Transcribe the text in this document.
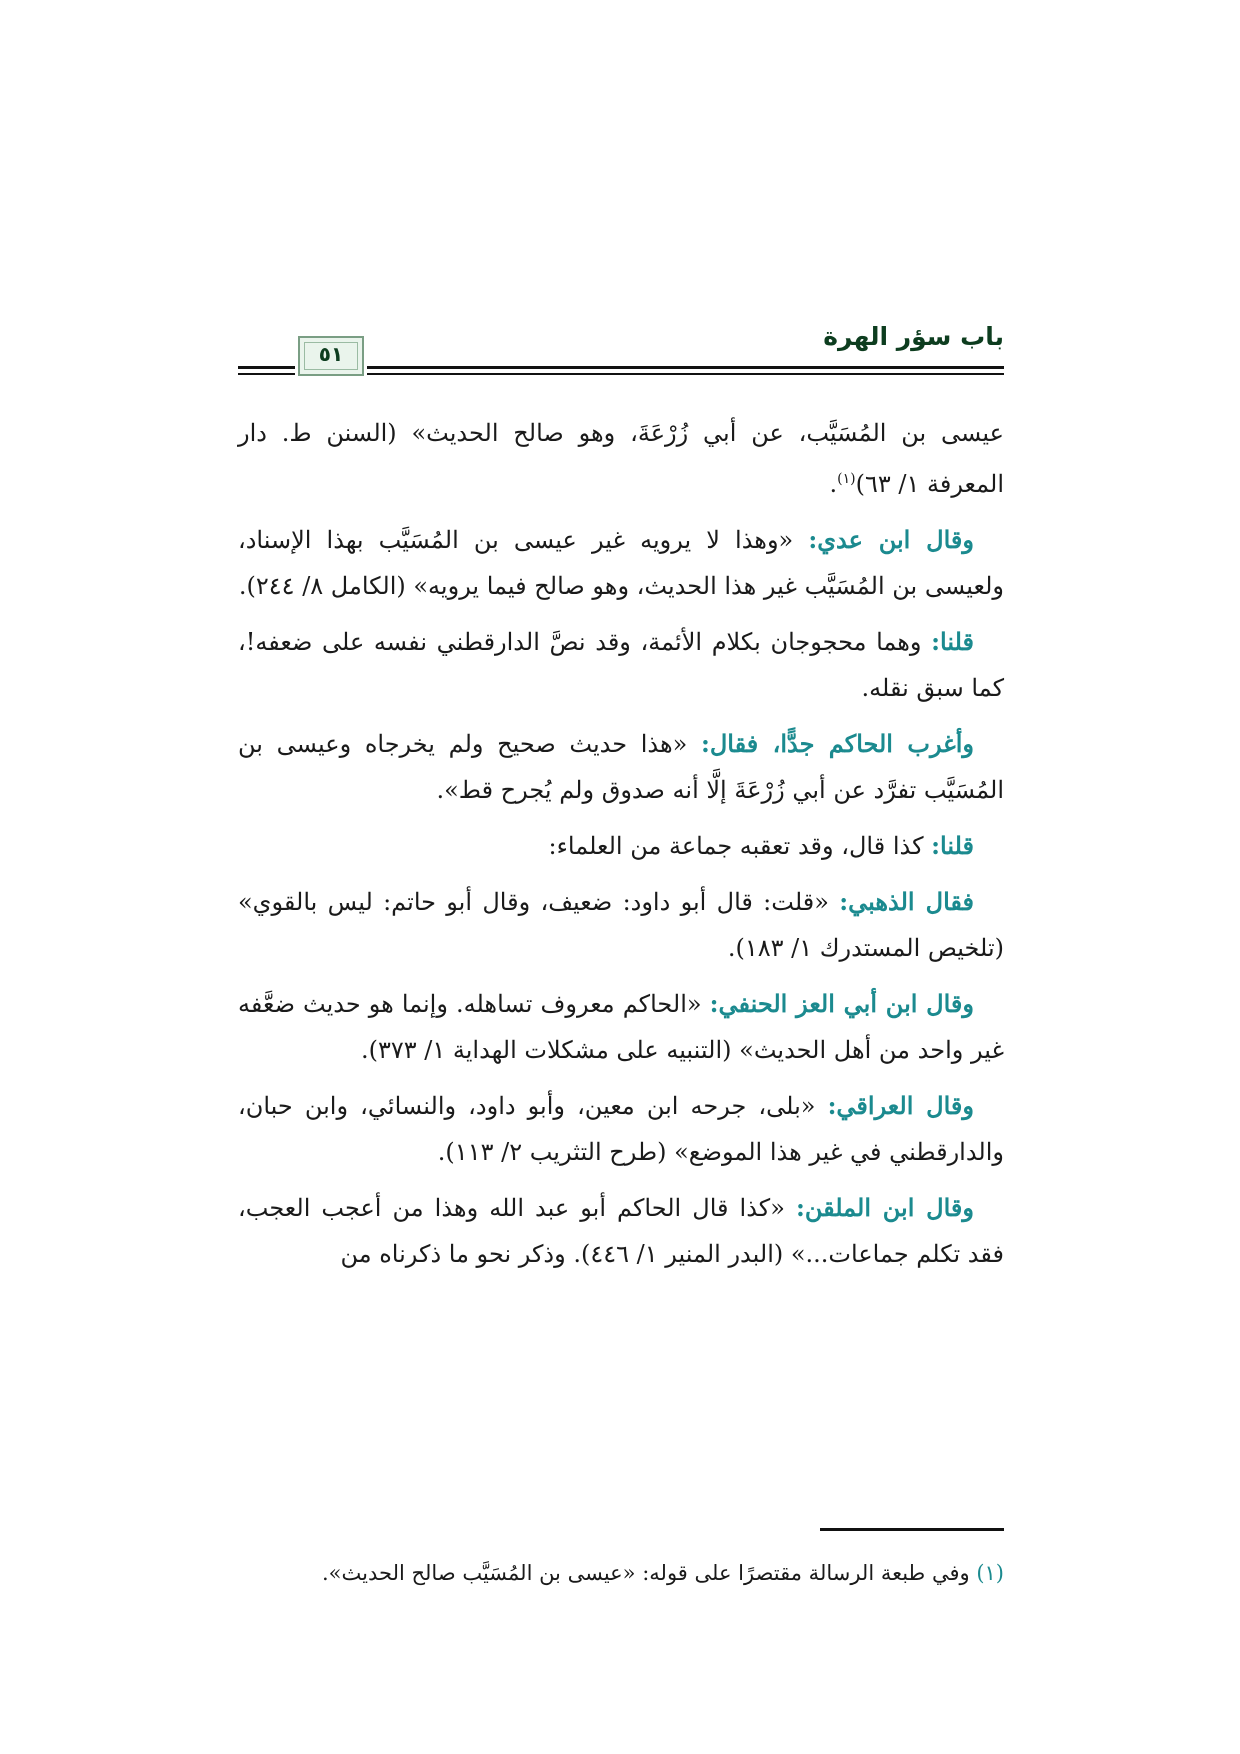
باب سؤر الهرة
٥١

عيسى بن المُسَيَّب، عن أبي زُرْعَةَ، وهو صالح الحديث» (السنن ط. دار المعرفة ١/ ٦٣)$^{(١)}$.

وقال ابن عدي: «وهذا لا يرويه غير عيسى بن المُسَيَّب بهذا الإسناد، ولعيسى بن المُسَيَّب غير هذا الحديث، وهو صالح فيما يرويه» (الكامل ٨/ ٢٤٤).

قلنا: وهما محجوجان بكلام الأئمة، وقد نصَّ الدارقطني نفسه على ضعفه!، كما سبق نقله.

وأغرب الحاكم جدًّا، فقال: «هذا حديث صحيح ولم يخرجاه وعيسى بن المُسَيَّب تفرَّد عن أبي زُرْعَةَ إلَّا أنه صدوق ولم يُجرح قط».

قلنا: كذا قال، وقد تعقبه جماعة من العلماء:

فقال الذهبي: «قلت: قال أبو داود: ضعيف، وقال أبو حاتم: ليس بالقوي» (تلخيص المستدرك ١/ ١٨٣).

وقال ابن أبي العز الحنفي: «الحاكم معروف تساهله. وإنما هو حديث ضعَّفه غير واحد من أهل الحديث» (التنبيه على مشكلات الهداية ١/ ٣٧٣).

وقال العراقي: «بلى، جرحه ابن معين، وأبو داود، والنسائي، وابن حبان، والدارقطني في غير هذا الموضع» (طرح التثريب ٢/ ١١٣).

وقال ابن الملقن: «كذا قال الحاكم أبو عبد الله وهذا من أعجب العجب، فقد تكلم جماعات...» (البدر المنير ١/ ٤٤٦). وذكر نحو ما ذكرناه من

(١) وفي طبعة الرسالة مقتصرًا على قوله: «عيسى بن المُسَيَّب صالح الحديث».
